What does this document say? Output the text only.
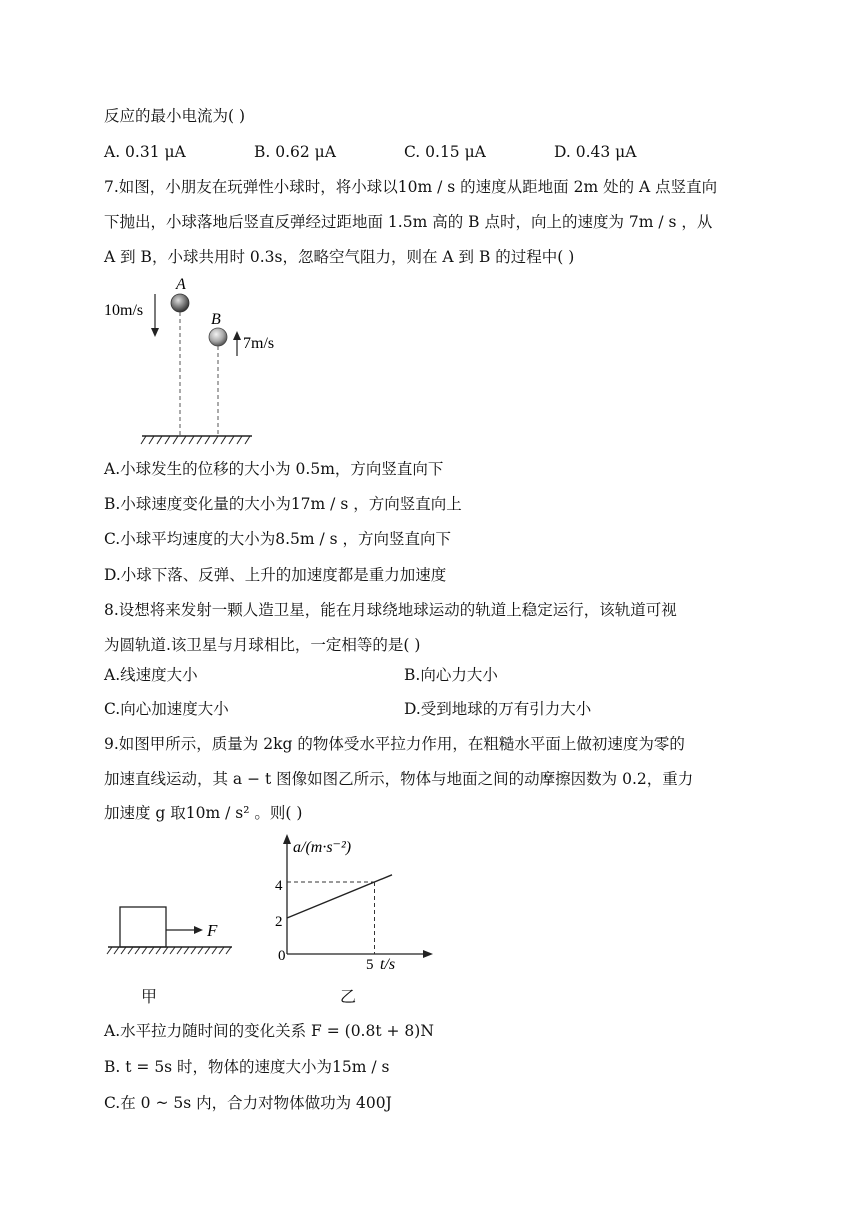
反应的最小电流为( )
A. 0.31 μA	B. 0.62 μA	C. 0.15 μA	D. 0.43 μA
7.如图，小朋友在玩弹性小球时，将小球以10m / s 的速度从距地面 2m 处的 A 点竖直向
下抛出，小球落地后竖直反弹经过距地面 1.5m 高的 B 点时，向上的速度为 7m / s ，从
A 到 B，小球共用时 0.3s，忽略空气阻力，则在 A 到 B 的过程中( )
A
B
10m/s
7m/s
A.小球发生的位移的大小为 0.5m，方向竖直向下
B.小球速度变化量的大小为17m / s ，方向竖直向上
C.小球平均速度的大小为8.5m / s ，方向竖直向下
D.小球下落、反弹、上升的加速度都是重力加速度
8.设想将来发射一颗人造卫星，能在月球绕地球运动的轨道上稳定运行，该轨道可视
为圆轨道.该卫星与月球相比，一定相等的是( )
A.线速度大小	B.向心力大小
C.向心加速度大小	D.受到地球的万有引力大小
9.如图甲所示，质量为 2kg 的物体受水平拉力作用，在粗糙水平面上做初速度为零的
加速直线运动，其 a − t 图像如图乙所示，物体与地面之间的动摩擦因数为 0.2，重力
加速度 g 取10m / s² 。则( )
F
甲
a/(m·s⁻²)
t/s
0
2
4
5
乙
A.水平拉力随时间的变化关系 F = (0.8t + 8)N
B. t = 5s 时，物体的速度大小为15m / s
C.在 0 ~ 5s 内，合力对物体做功为 400J
